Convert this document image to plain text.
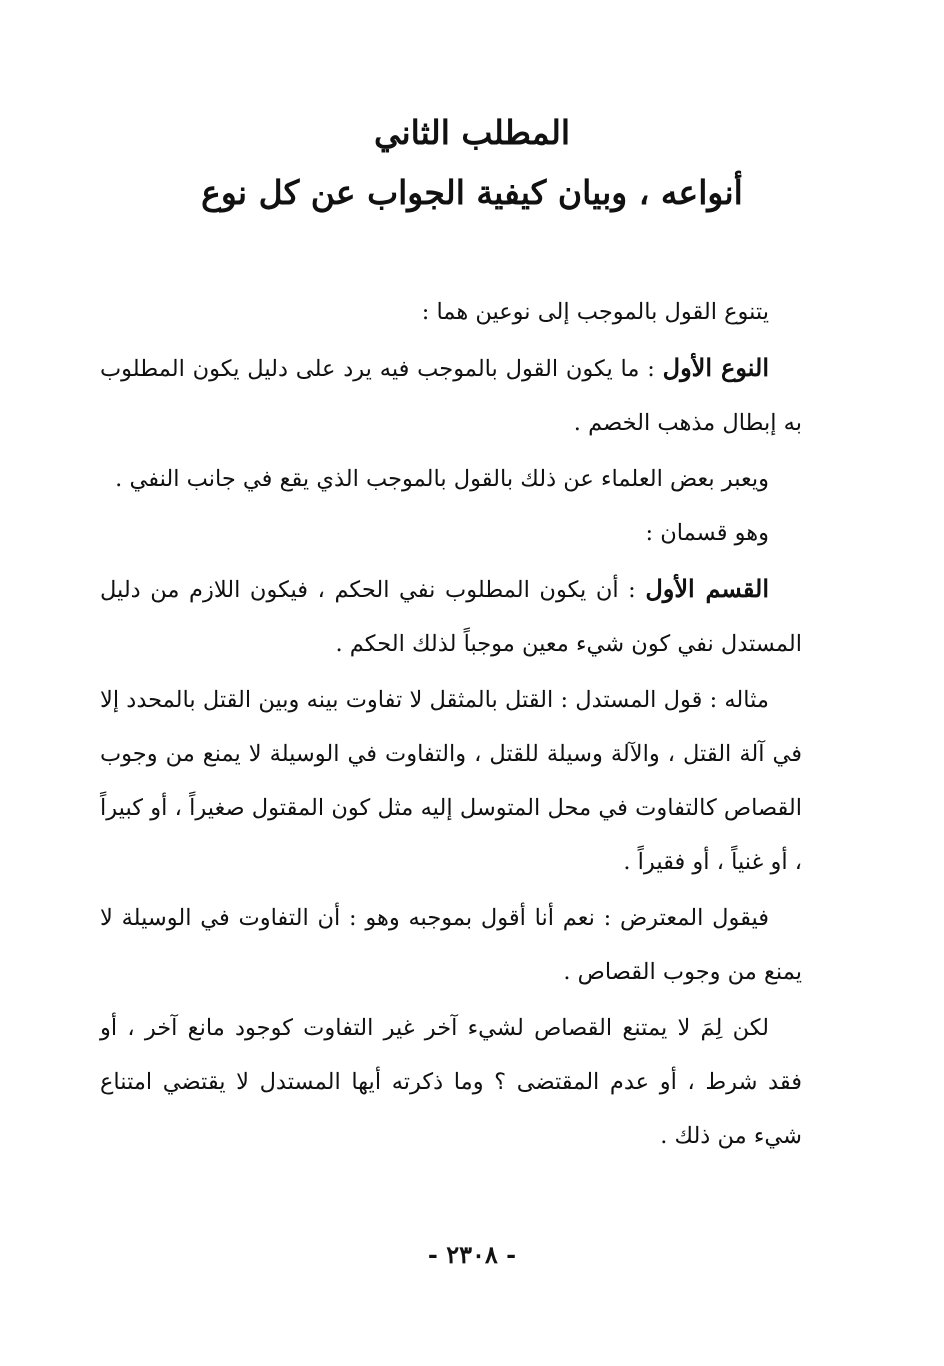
المطلب الثاني
أنواعه ، وبيان كيفية الجواب عن كل نوع

يتنوع القول بالموجب إلى نوعين هما :

النوع الأول : ما يكون القول بالموجب فيه يرد على دليل يكون المطلوب به إبطال مذهب الخصم .

ويعبر بعض العلماء عن ذلك بالقول بالموجب الذي يقع في جانب النفي .

وهو قسمان :

القسم الأول : أن يكون المطلوب نفي الحكم ، فيكون اللازم من دليل المستدل نفي كون شيء معين موجباً لذلك الحكم .

مثاله : قول المستدل : القتل بالمثقل لا تفاوت بينه وبين القتل بالمحدد إلا في آلة القتل ، والآلة وسيلة للقتل ، والتفاوت في الوسيلة لا يمنع من وجوب القصاص كالتفاوت في محل المتوسل إليه مثل كون المقتول صغيراً ، أو كبيراً ، أو غنياً ، أو فقيراً .

فيقول المعترض : نعم أنا أقول بموجبه وهو : أن التفاوت في الوسيلة لا يمنع من وجوب القصاص .

لكن لِمَ لا يمتنع القصاص لشيء آخر غير التفاوت كوجود مانع آخر ، أو فقد شرط ، أو عدم المقتضى ؟ وما ذكرته أيها المستدل لا يقتضي امتناع شيء من ذلك .

- ٢٣٠٨ -
